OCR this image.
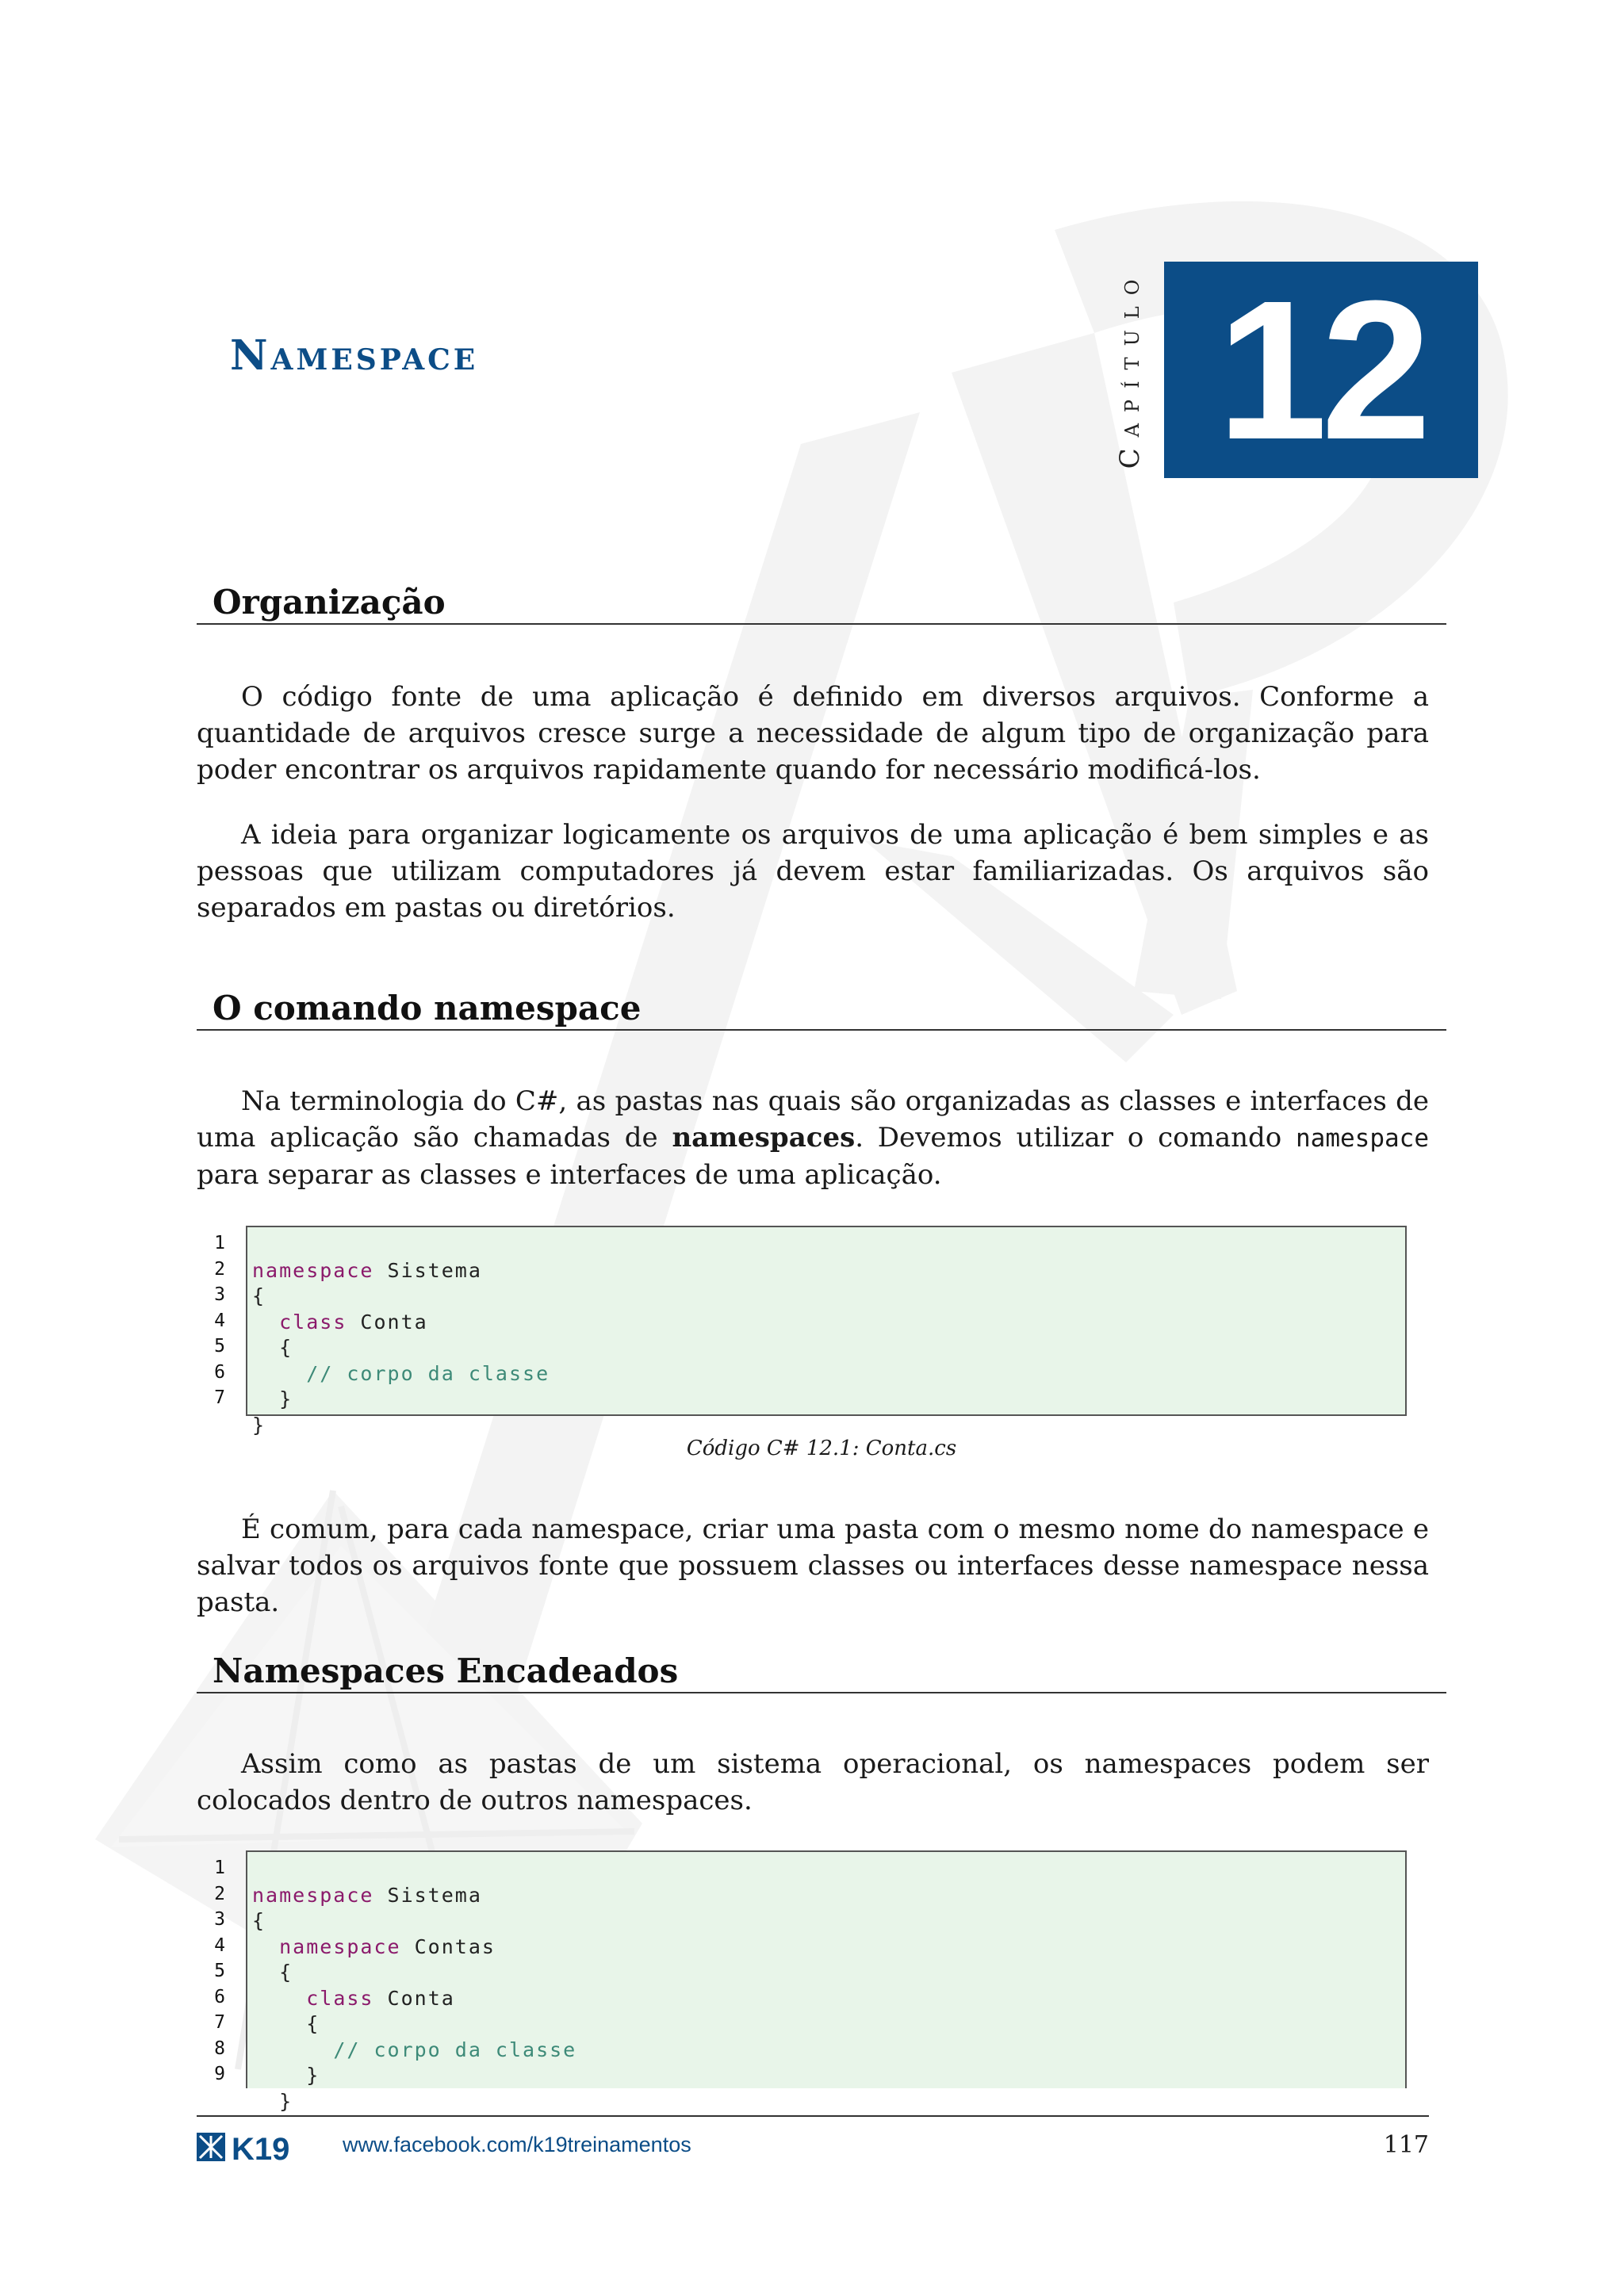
Namespace	Capítulo 12
Organização

O código fonte de uma aplicação é definido em diversos arquivos. Conforme a quantidade de arquivos cresce surge a necessidade de algum tipo de organização para poder encontrar os arquivos rapidamente quando for necessário modificá-los.

A ideia para organizar logicamente os arquivos de uma aplicação é bem simples e as pessoas que utilizam computadores já devem estar familiarizadas. Os arquivos são separados em pastas ou diretórios.

O comando namespace

Na terminologia do C#, as pastas nas quais são organizadas as classes e interfaces de uma aplicação são chamadas de namespaces. Devemos utilizar o comando namespace para separar as classes e interfaces de uma aplicação.

1
2
3
4
5
6
7

namespace Sistema
{
class Conta
{
// corpo da classe
}
}

Código C# 12.1: Conta.cs

É comum, para cada namespace, criar uma pasta com o mesmo nome do namespace e salvar todos os arquivos fonte que possuem classes ou interfaces desse namespace nessa pasta.

Namespaces Encadeados

Assim como as pastas de um sistema operacional, os namespaces podem ser colocados dentro de outros namespaces.

1
2
3
4
5
6
7
8
9

namespace Sistema
{
namespace Contas
{
class Conta
{
// corpo da classe
}
}

K19 www.facebook.com/k19treinamentos	117
